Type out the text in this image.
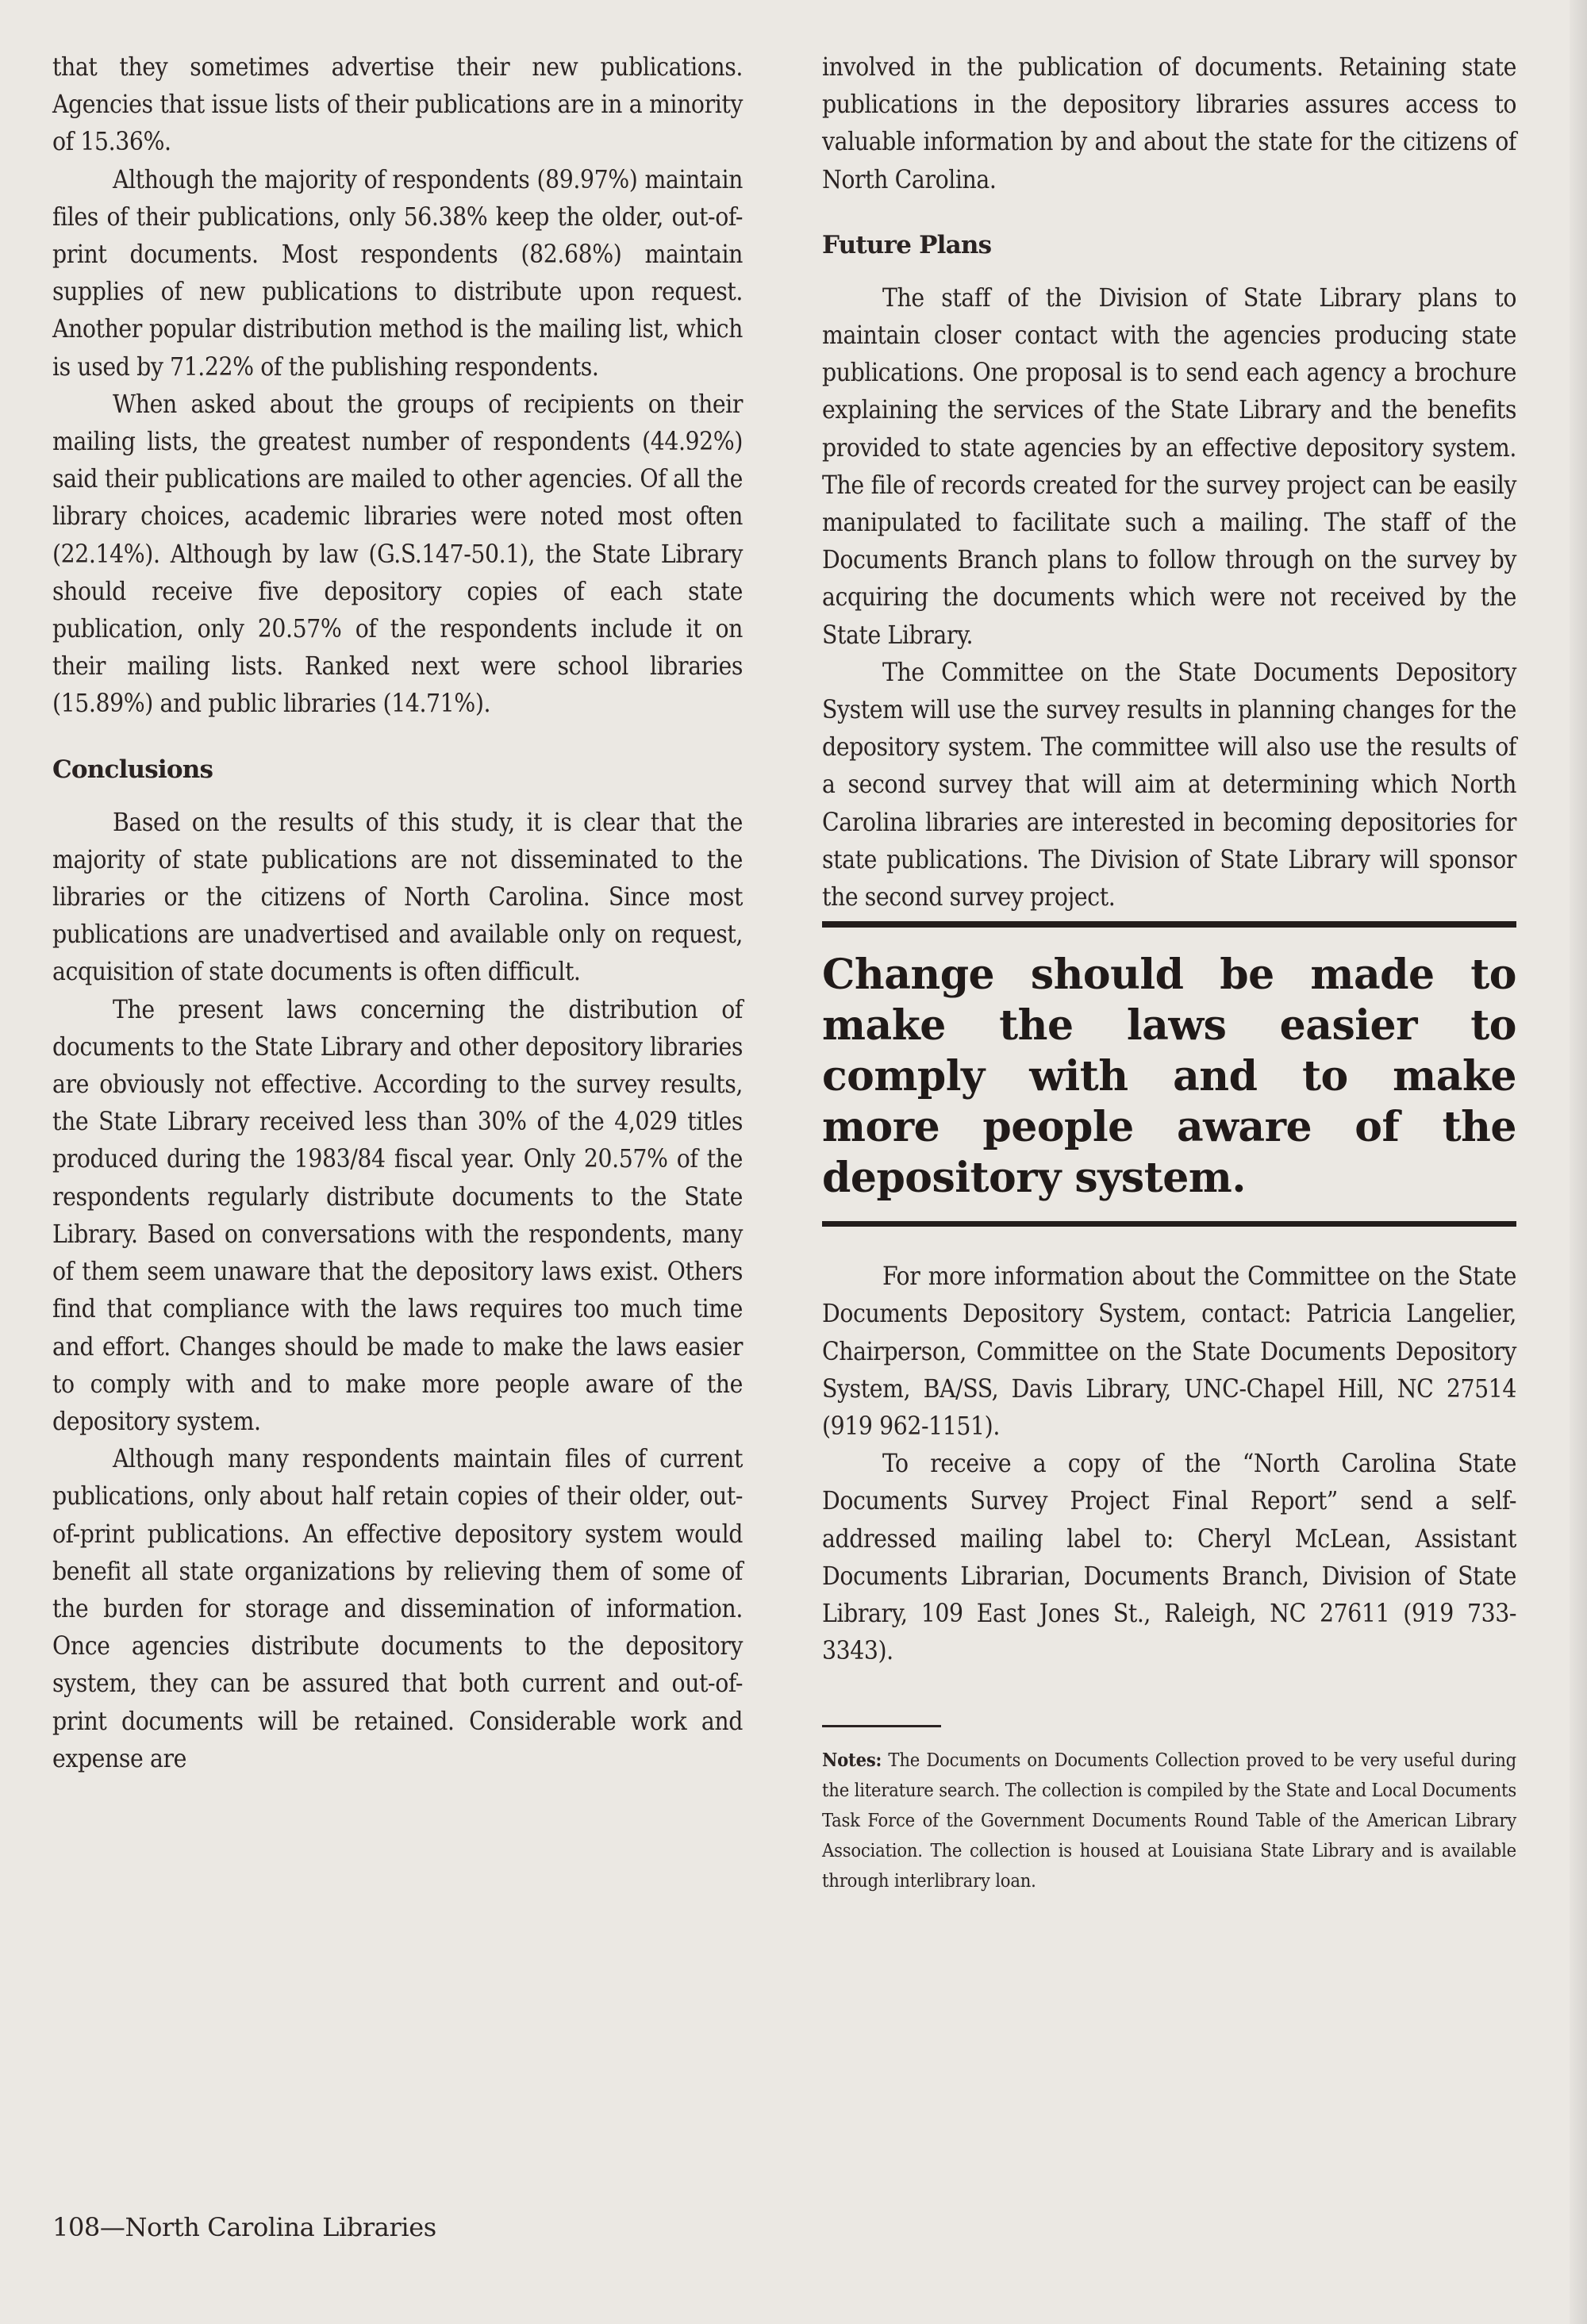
that they sometimes advertise their new publications. Agencies that issue lists of their publications are in a minority of 15.36%.

Although the majority of respondents (89.97%) maintain files of their publications, only 56.38% keep the older, out-of-print documents. Most respondents (82.68%) maintain supplies of new publications to distribute upon request. Another popular distribution method is the mailing list, which is used by 71.22% of the publishing respondents.

When asked about the groups of recipients on their mailing lists, the greatest number of respondents (44.92%) said their publications are mailed to other agencies. Of all the library choices, academic libraries were noted most often (22.14%). Although by law (G.S.147-50.1), the State Library should receive five depository copies of each state publication, only 20.57% of the respondents include it on their mailing lists. Ranked next were school libraries (15.89%) and public libraries (14.71%).

Conclusions

Based on the results of this study, it is clear that the majority of state publications are not disseminated to the libraries or the citizens of North Carolina. Since most publications are unadvertised and available only on request, acquisition of state documents is often difficult.

The present laws concerning the distribution of documents to the State Library and other depository libraries are obviously not effective. According to the survey results, the State Library received less than 30% of the 4,029 titles produced during the 1983/84 fiscal year. Only 20.57% of the respondents regularly distribute documents to the State Library. Based on conversations with the respondents, many of them seem unaware that the depository laws exist. Others find that compliance with the laws requires too much time and effort. Changes should be made to make the laws easier to comply with and to make more people aware of the depository system.

Although many respondents maintain files of current publications, only about half retain copies of their older, out-of-print publications. An effective depository system would benefit all state organizations by relieving them of some of the burden for storage and dissemination of information. Once agencies distribute documents to the depository system, they can be assured that both current and out-of-print documents will be retained. Considerable work and expense are

involved in the publication of documents. Retaining state publications in the depository libraries assures access to valuable information by and about the state for the citizens of North Carolina.

Future Plans

The staff of the Division of State Library plans to maintain closer contact with the agencies producing state publications. One proposal is to send each agency a brochure explaining the services of the State Library and the benefits provided to state agencies by an effective depository system. The file of records created for the survey project can be easily manipulated to facilitate such a mailing. The staff of the Documents Branch plans to follow through on the survey by acquiring the documents which were not received by the State Library.

The Committee on the State Documents Depository System will use the survey results in planning changes for the depository system. The committee will also use the results of a second survey that will aim at determining which North Carolina libraries are interested in becoming depositories for state publications. The Division of State Library will sponsor the second survey project.

Change should be made to make the laws easier to comply with and to make more people aware of the depository system.

For more information about the Committee on the State Documents Depository System, contact: Patricia Langelier, Chairperson, Committee on the State Documents Depository System, BA/SS, Davis Library, UNC-Chapel Hill, NC 27514 (919 962-1151).

To receive a copy of the “North Carolina State Documents Survey Project Final Report” send a self-addressed mailing label to: Cheryl McLean, Assistant Documents Librarian, Documents Branch, Division of State Library, 109 East Jones St., Raleigh, NC 27611 (919 733-3343).

Notes: The Documents on Documents Collection proved to be very useful during the literature search. The collection is compiled by the State and Local Documents Task Force of the Government Documents Round Table of the American Library Association. The collection is housed at Louisiana State Library and is available through interlibrary loan.

108—North Carolina Libraries
